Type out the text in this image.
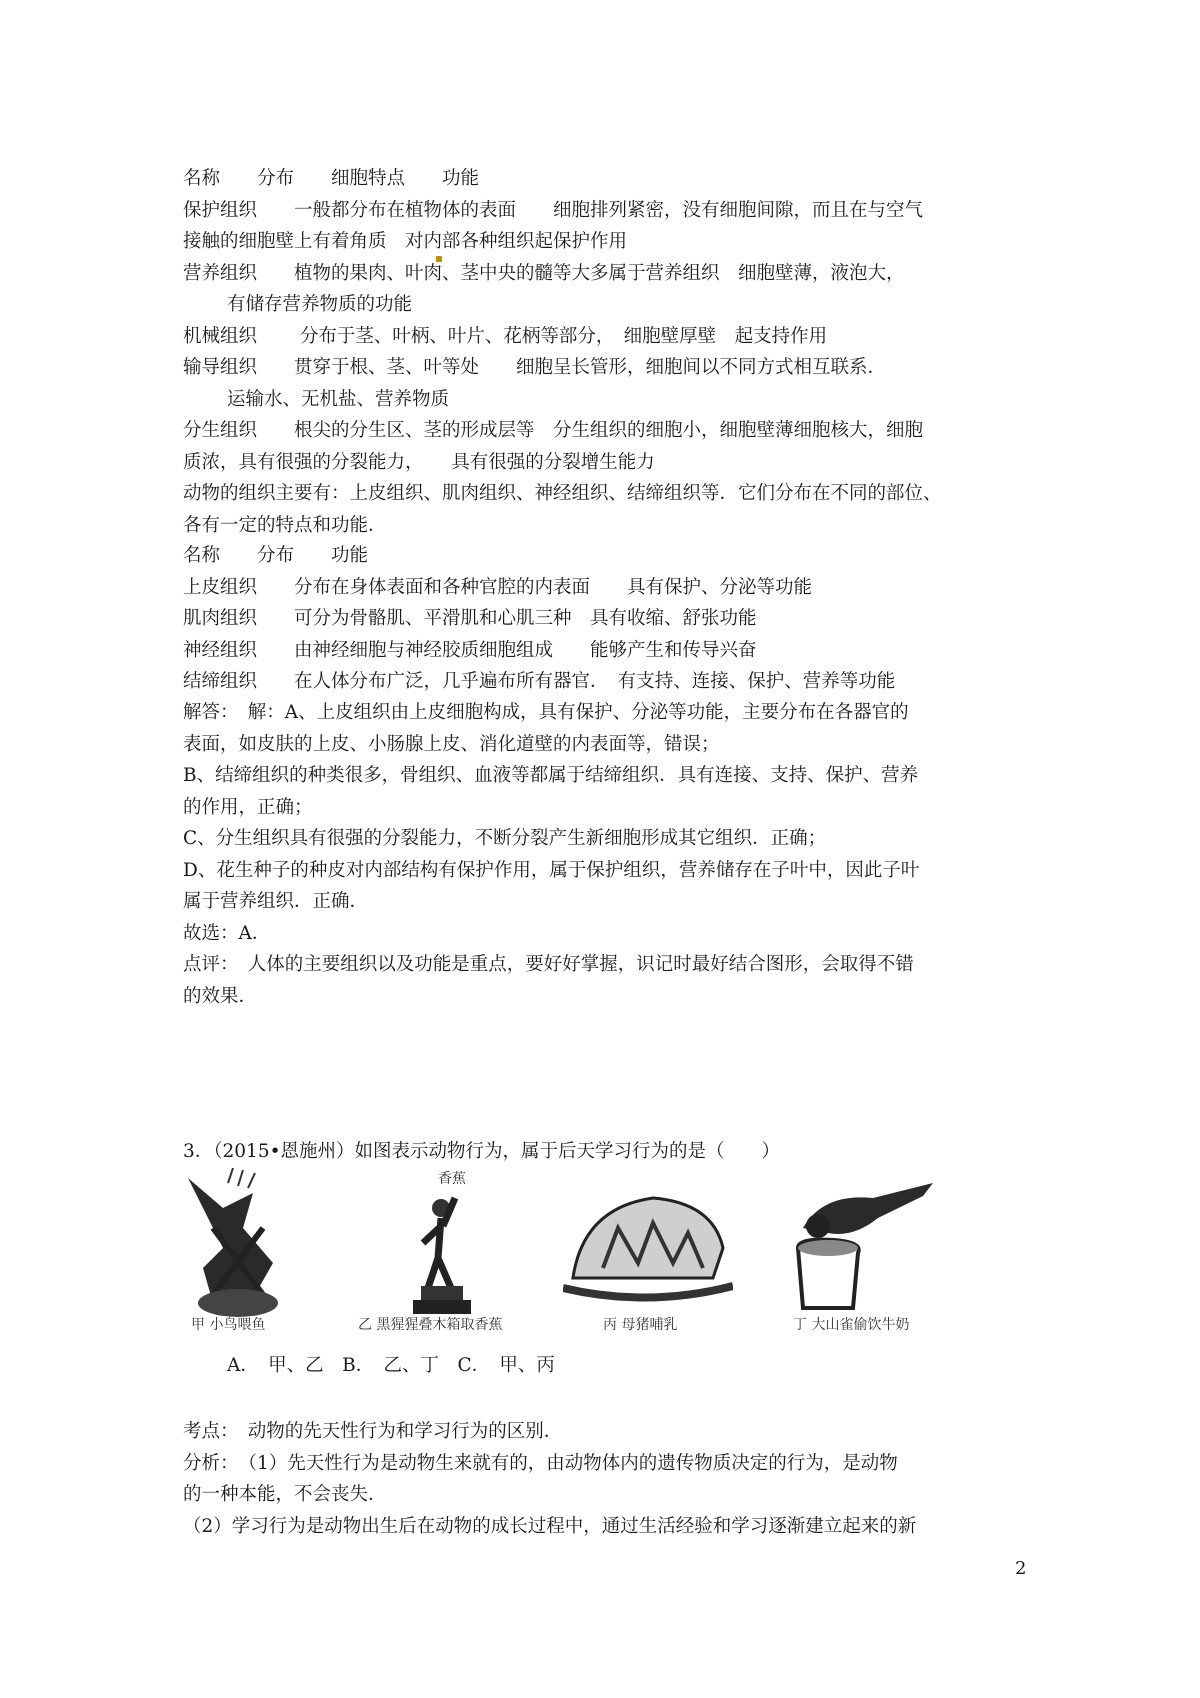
名称　　分布　　细胞特点　　功能
保护组织　　一般都分布在植物体的表面　　细胞排列紧密，没有细胞间隙，而且在与空气
接触的细胞壁上有着角质　对内部各种组织起保护作用
营养组织　　植物的果肉、叶肉、茎中央的髓等大多属于营养组织　细胞壁薄，液泡大，
有储存营养物质的功能
机械组织　　 分布于茎、叶柄、叶片、花柄等部分，　细胞壁厚壁　起支持作用
输导组织　　贯穿于根、茎、叶等处　　细胞呈长管形，细胞间以不同方式相互联系．
运输水、无机盐、营养物质
分生组织　　根尖的分生区、茎的形成层等　分生组织的细胞小，细胞壁薄细胞核大，细胞
质浓，具有很强的分裂能力，　　具有很强的分裂增生能力
动物的组织主要有：上皮组织、肌肉组织、神经组织、结缔组织等．它们分布在不同的部位、
各有一定的特点和功能．
名称　　分布　　功能
上皮组织　　分布在身体表面和各种官腔的内表面　　具有保护、分泌等功能
肌肉组织　　可分为骨骼肌、平滑肌和心肌三种　具有收缩、舒张功能
神经组织　　由神经细胞与神经胶质细胞组成　　能够产生和传导兴奋
结缔组织　　在人体分布广泛，几乎遍布所有器官．　有支持、连接、保护、营养等功能
解答：　解：A、上皮组织由上皮细胞构成，具有保护、分泌等功能，主要分布在各器官的
表面，如皮肤的上皮、小肠腺上皮、消化道壁的内表面等，错误；
B、结缔组织的种类很多，骨组织、血液等都属于结缔组织．具有连接、支持、保护、营养
的作用，正确；
C、分生组织具有很强的分裂能力，不断分裂产生新细胞形成其它组织．正确；
D、花生种子的种皮对内部结构有保护作用，属于保护组织，营养储存在子叶中，因此子叶
属于营养组织．正确．
故选：A．
点评：　人体的主要组织以及功能是重点，要好好掌握，识记时最好结合图形，会取得不错
的效果．
3．（2015•恩施州）如图表示动物行为，属于后天学习行为的是（　　）
甲 小鸟喂鱼
香蕉
乙 黑猩猩叠木箱取香蕉	丙 母猪哺乳	丁 大山雀偷饮牛奶
A．　甲、乙　B．　乙、丁　C．　甲、丙
考点：　动物的先天性行为和学习行为的区别．
分析：　（1）先天性行为是动物生来就有的，由动物体内的遗传物质决定的行为，是动物
的一种本能，不会丧失．
（2）学习行为是动物出生后在动物的成长过程中，通过生活经验和学习逐渐建立起来的新
2
